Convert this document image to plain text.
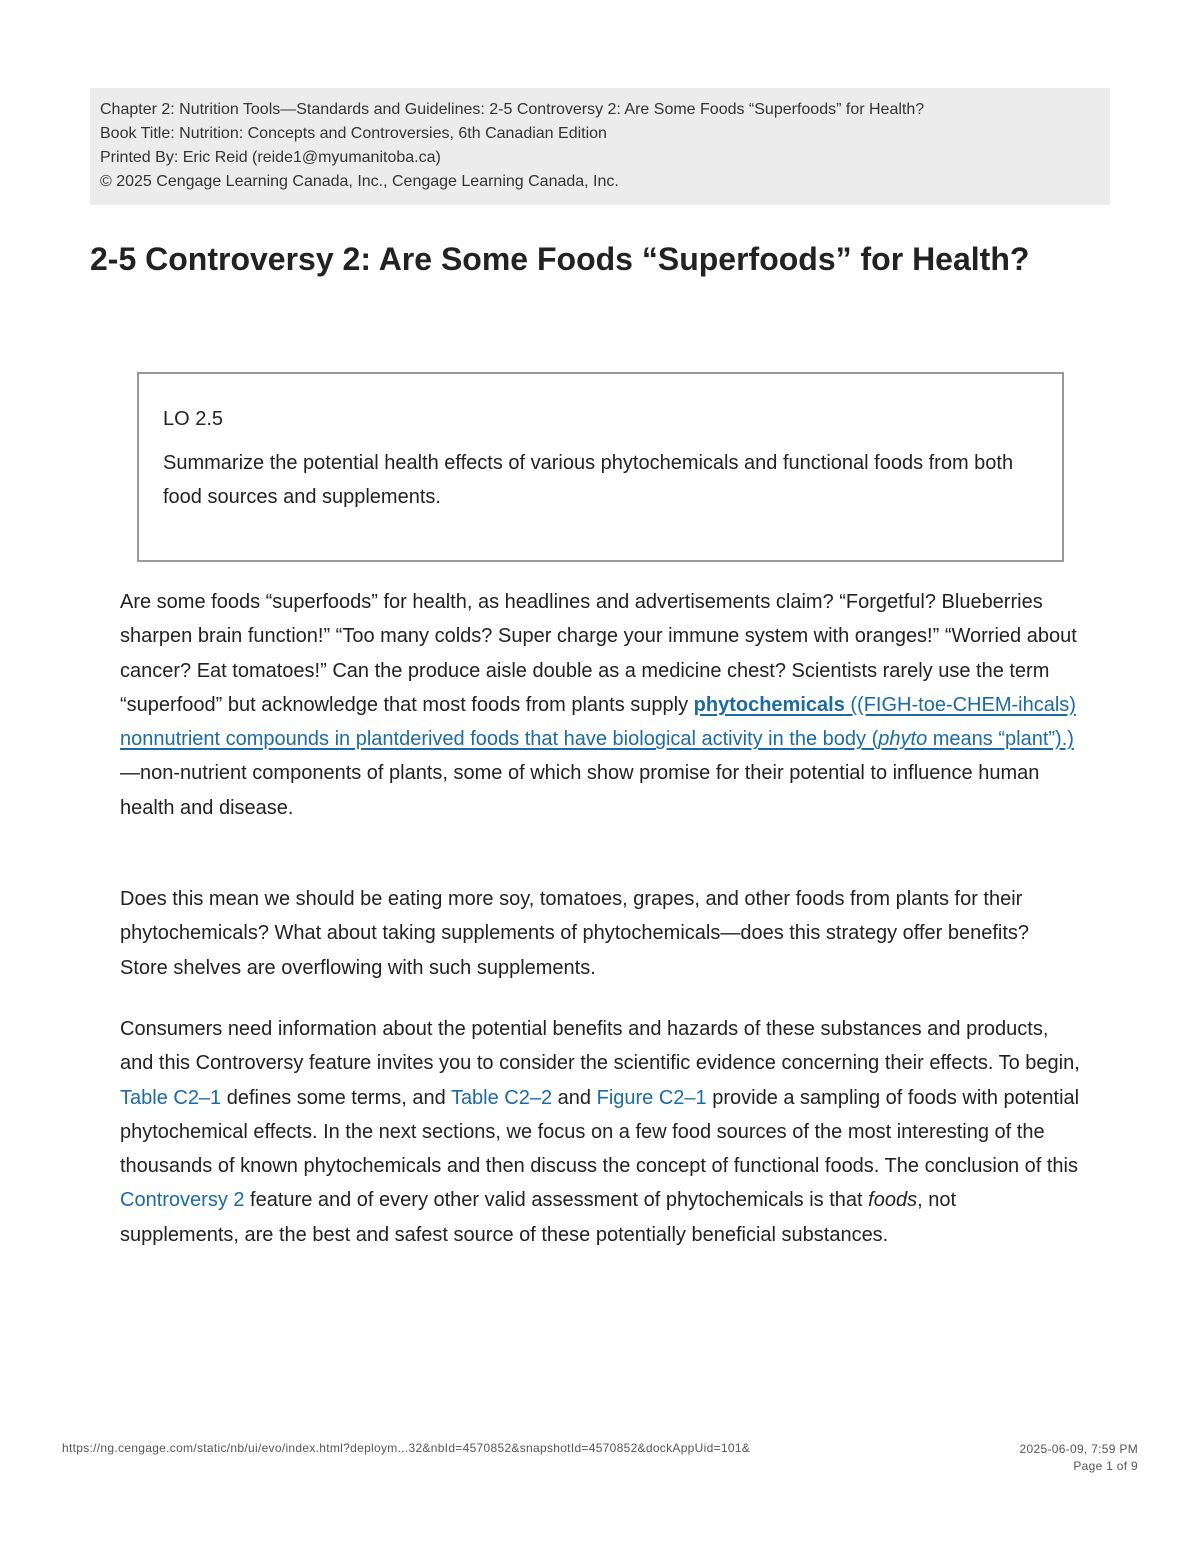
Chapter 2: Nutrition Tools—Standards and Guidelines: 2-5 Controversy 2: Are Some Foods “Superfoods” for Health?
Book Title: Nutrition: Concepts and Controversies, 6th Canadian Edition
Printed By: Eric Reid (reide1@myumanitoba.ca)
© 2025 Cengage Learning Canada, Inc., Cengage Learning Canada, Inc.
2-5 Controversy 2: Are Some Foods “Superfoods” for Health?

LO 2.5

Summarize the potential health effects of various phytochemicals and functional foods from both food sources and supplements.

Are some foods “superfoods” for health, as headlines and advertisements claim? “Forgetful? Blueberries sharpen brain function!” “Too many colds? Super charge your immune system with oranges!” “Worried about cancer? Eat tomatoes!” Can the produce aisle double as a medicine chest? Scientists rarely use the term “superfood” but acknowledge that most foods from plants supply phytochemicals ((FIGH-toe-CHEM-ihcals) nonnutrient compounds in plantderived foods that have biological activity in the body (phyto means “plant”).) —non-nutrient components of plants, some of which show promise for their potential to influence human health and disease.

Does this mean we should be eating more soy, tomatoes, grapes, and other foods from plants for their phytochemicals? What about taking supplements of phytochemicals—does this strategy offer benefits? Store shelves are overflowing with such supplements.

Consumers need information about the potential benefits and hazards of these substances and products, and this Controversy feature invites you to consider the scientific evidence concerning their effects. To begin, Table C2–1 defines some terms, and Table C2–2 and Figure C2–1 provide a sampling of foods with potential phytochemical effects. In the next sections, we focus on a few food sources of the most interesting of the thousands of known phytochemicals and then discuss the concept of functional foods. The conclusion of this Controversy 2 feature and of every other valid assessment of phytochemicals is that foods, not supplements, are the best and safest source of these potentially beneficial substances.

https://ng.cengage.com/static/nb/ui/evo/index.html?deploym...32&nbId=4570852&snapshotId=4570852&dockAppUid=101&	2025-06-09, 7:59 PM
Page 1 of 9
